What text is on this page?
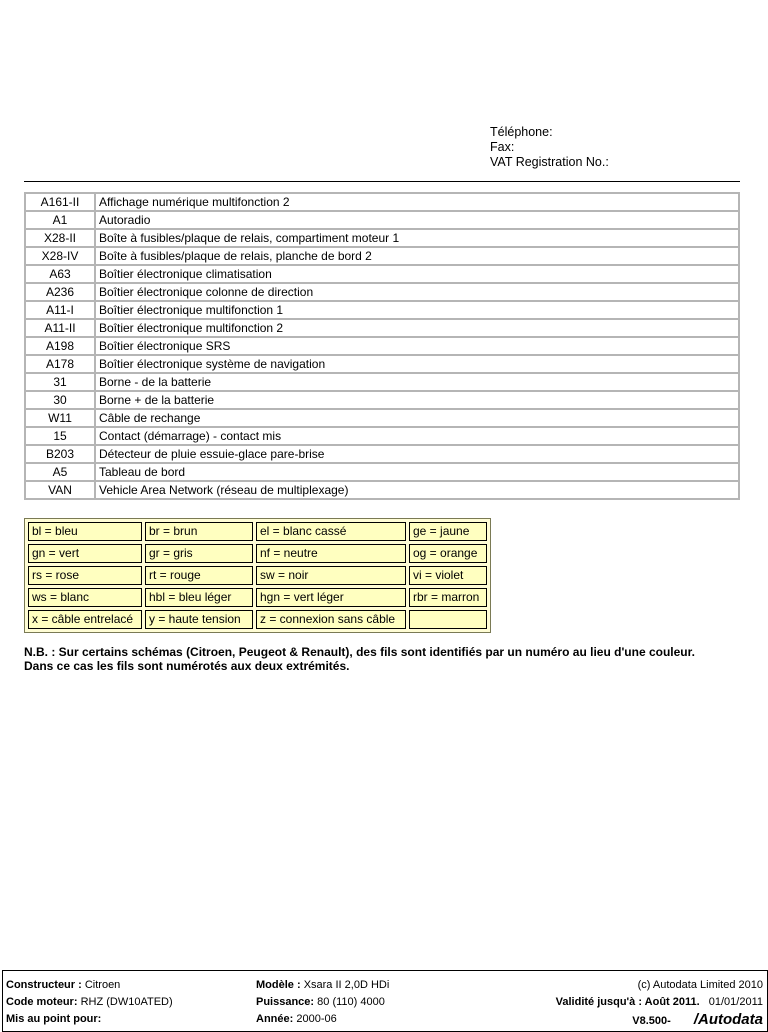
Téléphone:
Fax:
VAT Registration No.:
A161-II	Affichage numérique multifonction 2
A1	Autoradio
X28-II	Boîte à fusibles/plaque de relais, compartiment moteur 1
X28-IV	Boîte à fusibles/plaque de relais, planche de bord 2
A63	Boîtier électronique climatisation
A236	Boîtier électronique colonne de direction
A11-I	Boîtier électronique multifonction 1
A11-II	Boîtier électronique multifonction 2
A198	Boîtier électronique SRS
A178	Boîtier électronique système de navigation
31	Borne - de la batterie
30	Borne + de la batterie
W11	Câble de rechange
15	Contact (démarrage) - contact mis
B203	Détecteur de pluie essuie-glace pare-brise
A5	Tableau de bord
VAN	Vehicle Area Network (réseau de multiplexage)
bl = bleu	br = brun	el = blanc cassé	ge = jaune
gn = vert	gr = gris	nf = neutre	og = orange
rs = rose	rt = rouge	sw = noir	vi = violet
ws = blanc	hbl = bleu léger	hgn = vert léger	rbr = marron
x = câble entrelacé	y = haute tension	z = connexion sans câble	
N.B. : Sur certains schémas (Citroen, Peugeot & Renault), des fils sont identifiés par un numéro au lieu d'une couleur.
Dans ce cas les fils sont numérotés aux deux extrémités.
Constructeur : Citroen
Code moteur: RHZ (DW10ATED)
Mis au point pour:
Modèle : Xsara II 2,0D HDi
Puissance: 80 (110) 4000
Année: 2000-06
(c) Autodata Limited 2010
Validité jusqu'à : Août 2011. 01/01/2011
V8.500- /Autodata
